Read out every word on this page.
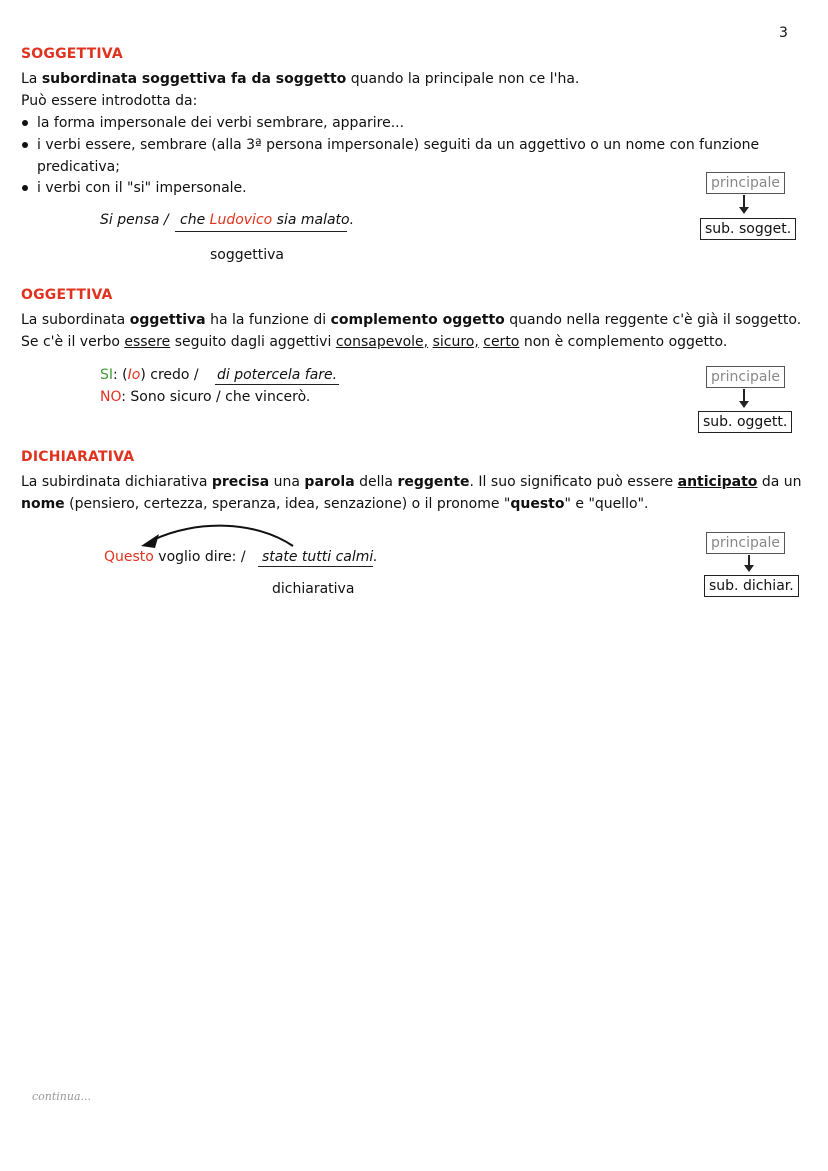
3
SOGGETTIVA
La subordinata soggettiva fa da soggetto quando la principale non ce l'ha.
Può essere introdotta da:
la forma impersonale dei verbi sembrare, apparire...
i verbi essere, sembrare (alla 3ª persona impersonale) seguiti da un aggettivo o un nome con funzione
predicativa;
i verbi con il "si" impersonale.
Si pensa / che Ludovico sia malato.
soggettiva
principale
sub. sogget.
OGGETTIVA
La subordinata oggettiva ha la funzione di complemento oggetto quando nella reggente c'è già il soggetto.
Se c'è il verbo essere seguito dagli aggettivi consapevole, sicuro, certo non è complemento oggetto.
SI: (Io) credo / di potercela fare.
NO: Sono sicuro / che vincerò.
principale
sub. oggett.
DICHIARATIVA
La subirdinata dichiarativa precisa una parola della reggente. Il suo significato può essere anticipato da un
nome (pensiero, certezza, speranza, idea, senzazione) o il pronome "questo" e "quello".
Questo voglio dire: / state tutti calmi.
dichiarativa
principale
sub. dichiar.
continua...
